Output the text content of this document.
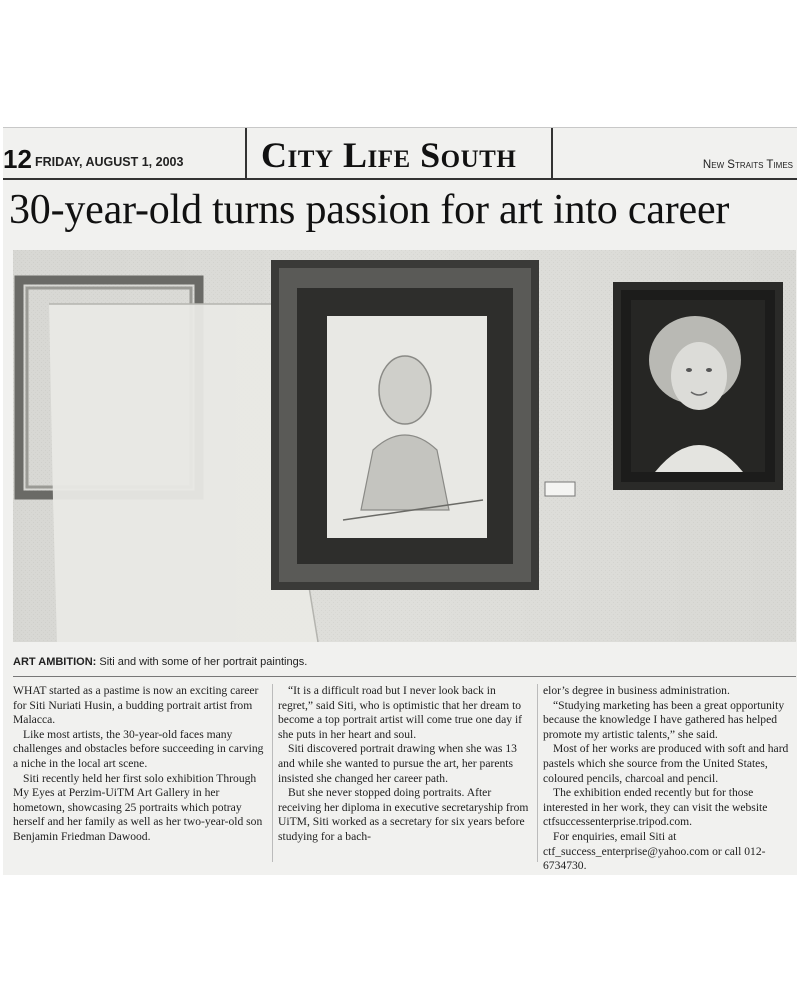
12 FRIDAY, AUGUST 1, 2003 City Life South	New Straits Times
30-year-old turns passion for art into career
ART AMBITION: Siti and with some of her portrait paintings.

WHAT started as a pastime is now an exciting career for Siti Nuriati Husin, a budding portrait artist from Malacca.

Like most artists, the 30-year-old faces many challenges and obstacles before succeeding in carving a niche in the local art scene.

Siti recently held her first solo exhibition Through My Eyes at Perzim-UiTM Art Gallery in her hometown, showcasing 25 portraits which potray herself and her family as well as her two-year-old son Benjamin Friedman Dawood.

“It is a difficult road but I never look back in regret,” said Siti, who is optimistic that her dream to become a top portrait artist will come true one day if she puts in her heart and soul.

Siti discovered portrait drawing when she was 13 and while she wanted to pursue the art, her parents insisted she changed her career path.

But she never stopped doing portraits. After receiving her diploma in executive secretaryship from UiTM, Siti worked as a secretary for six years before studying for a bach-

elor’s degree in business administration.

“Studying marketing has been a great opportunity because the knowledge I have gathered has helped promote my artistic talents,” she said.

Most of her works are produced with soft and hard pastels which she source from the United States, coloured pencils, charcoal and pencil.

The exhibition ended recently but for those interested in her work, they can visit the website ctfsuccessenterprise.tripod.com.

For enquiries, email Siti at ctf_success_enterprise@yahoo.com or call 012-6734730.
